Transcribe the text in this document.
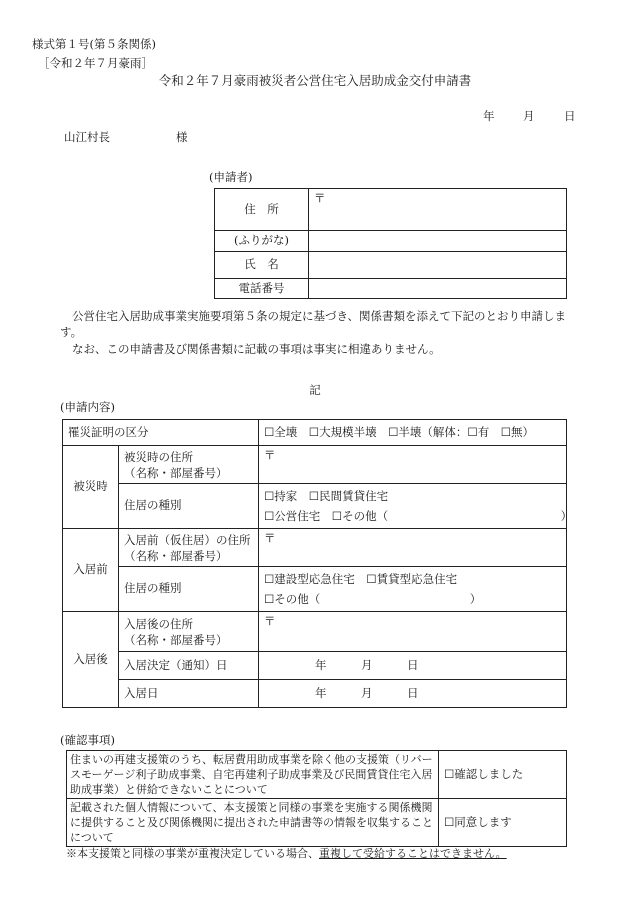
様式第１号(第５条関係)
［令和２年７月豪雨］
令和２年７月豪雨被災者公営住宅入居助成金交付申請書
年 月	日
山江村長	様
(申請者)
住　所	〒
(ふりがな)	
氏　名	
電話番号	
公営住宅入居助成事業実施要項第５条の規定に基づき、関係書類を添えて下記のとおり申請します。
なお、この申請書及び関係書類に記載の事項は事実に相違ありません。
記
(申請内容)
罹災証明の区分		☐全壊　☐大規模半壊　☐半壊（解体：☐有　☐無）
被災時	被災時の住所
（名称・部屋番号）	〒
	住居の種別	☐持家　☐民間賃貸住宅
☐公営住宅　☐その他（　　　　　　　　　　　　　　　）

入居前	入居前（仮住居）の住所（名称・部屋番号）	〒
	住居の種別	☐建設型応急住宅　☐賃貸型応急住宅
☐その他（　　　　　　　　　　　　　）

入居後	入居後の住所
（名称・部屋番号）	〒
	入居決定（通知）日	年　　　月　　　日
	入居日	年　　　月　　　日
(確認事項)
住まいの再建支援策のうち、転居費用助成事業を除く他の支援策（リバースモーゲージ利子助成事業、自宅再建利子助成事業及び民間賃貸住宅入居助成事業）と併給できないことについて	☐確認しました
記載された個人情報について、本支援策と同様の事業を実施する関係機関に提供すること及び関係機関に提出された申請書等の情報を収集することについて	☐同意します
※本支援策と同様の事業が重複決定している場合、重複して受給することはできません。
